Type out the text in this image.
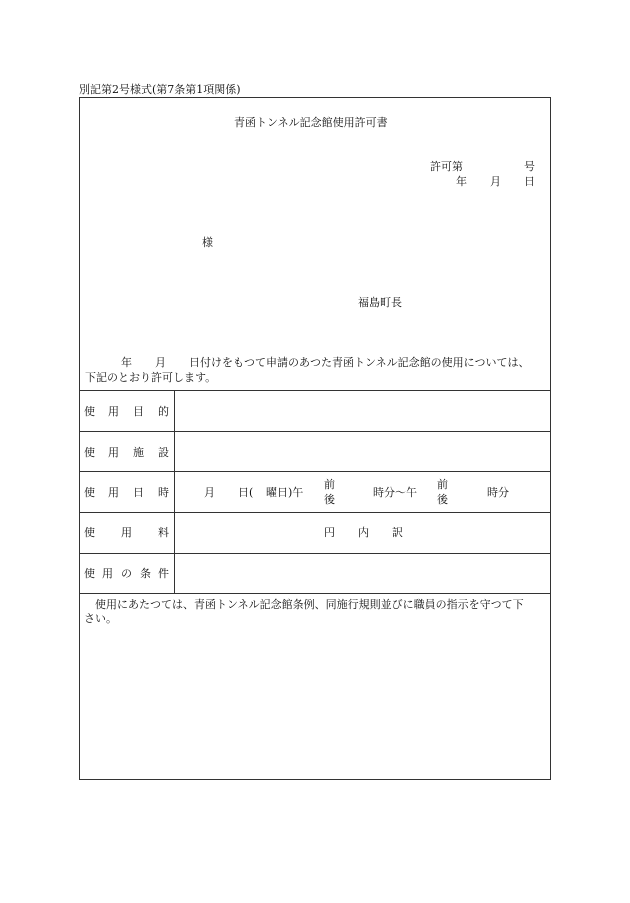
別記第2号様式(第7条第1項関係)
青函トンネル記念館使用許可書
許可第	号
年 月 日
様
福島町長
年 月 日付けをもつて申請のあつた青函トンネル記念館の使用については、
下記のとおり許可します。
使 用 目 的
使 用 施 設
使 用 日 時
使 用 料
使 用 の 条 件
月 日( 曜日)午
前
後
時分〜午
前
後
時分
円 内 訳
使用にあたつては、青函トンネル記念館条例、同施行規則並びに職員の指示を守つて下
さい。
